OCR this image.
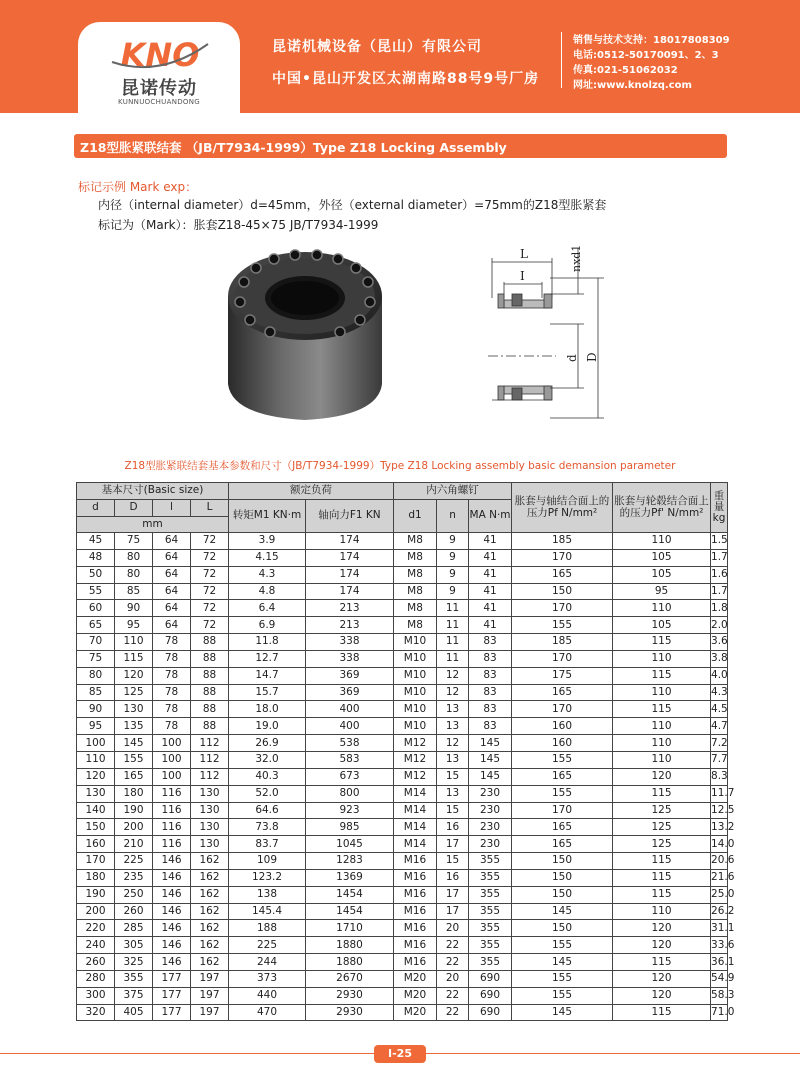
KNO
昆诺传动
KUNNUOCHUANDONG
昆诺机械设备（昆山）有限公司
中国•昆山开发区太湖南路88号9号厂房
销售与技术支持：18017808309
电话:0512-50170091、2、3
传真:021-51062032
网址:www.knolzq.com
Z18型胀紧联结套 （JB/T7934-1999）Type Z18 Locking Assembly
标记示例 Mark exp：
内径（internal diameter）d=45mm，外径（external diameter）=75mm的Z18型胀紧套
标记为（Mark）：胀套Z18-45×75 JB/T7934-1999
L
I
nxd1
d D
Z18型胀紧联结套基本参数和尺寸（JB/T7934-1999）Type Z18 Locking assembly basic demansion parameter
基本尺寸(Basic size)				额定负荷		内六角螺钉			胀套与轴结合面上的压力Pf N/mm²	胀套与轮毂结合面上的压力Pf' N/mm²	重量 kg
d	D	l	L	转矩M1 KN·m	轴向力F1 KN	d1	n	MA N·m			
mm											
45	75	64	72	3.9	174	M8	9	41	185	110	1.5
48	80	64	72	4.15	174	M8	9	41	170	105	1.7
50	80	64	72	4.3	174	M8	9	41	165	105	1.6
55	85	64	72	4.8	174	M8	9	41	150	95	1.7
60	90	64	72	6.4	213	M8	11	41	170	110	1.8
65	95	64	72	6.9	213	M8	11	41	155	105	2.0
70	110	78	88	11.8	338	M10	11	83	185	115	3.6
75	115	78	88	12.7	338	M10	11	83	170	110	3.8
80	120	78	88	14.7	369	M10	12	83	175	115	4.0
85	125	78	88	15.7	369	M10	12	83	165	110	4.3
90	130	78	88	18.0	400	M10	13	83	170	115	4.5
95	135	78	88	19.0	400	M10	13	83	160	110	4.7
100	145	100	112	26.9	538	M12	12	145	160	110	7.2
110	155	100	112	32.0	583	M12	13	145	155	110	7.7
120	165	100	112	40.3	673	M12	15	145	165	120	8.3
130	180	116	130	52.0	800	M14	13	230	155	115	11.7
140	190	116	130	64.6	923	M14	15	230	170	125	12.5
150	200	116	130	73.8	985	M14	16	230	165	125	13.2
160	210	116	130	83.7	1045	M14	17	230	165	125	14.0
170	225	146	162	109	1283	M16	15	355	150	115	20.6
180	235	146	162	123.2	1369	M16	16	355	150	115	21.6
190	250	146	162	138	1454	M16	17	355	150	115	25.0
200	260	146	162	145.4	1454	M16	17	355	145	110	26.2
220	285	146	162	188	1710	M16	20	355	150	120	31.1
240	305	146	162	225	1880	M16	22	355	155	120	33.6
260	325	146	162	244	1880	M16	22	355	145	115	36.1
280	355	177	197	373	2670	M20	20	690	155	120	54.9
300	375	177	197	440	2930	M20	22	690	155	120	58.3
320	405	177	197	470	2930	M20	22	690	145	115	71.0
I-25
